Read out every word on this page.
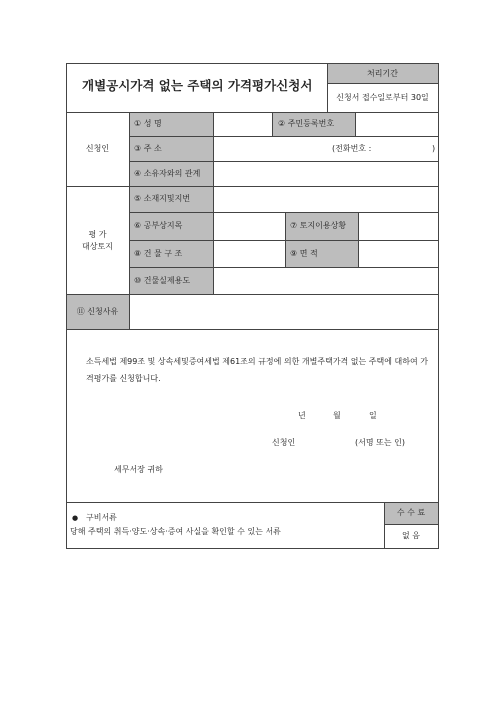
개별공시가격 없는 주택의 가격평가신청서
처리기간
신청서 접수일로부터 30일
신청인
① 성 명	② 주민등록번호
③ 주 소	(전화번호 :	)
④ 소유자와의 관계
평 가
대상토지
⑤ 소재지및지번
⑥ 공부상지목	⑦ 토지이용상황
⑧ 건 물 구 조	⑨ 면 적
⑩ 건물실제용도
⑪ 신청사유
소득세법 제99조 및 상속세및증여세법 제61조의 규정에 의한 개별주택가격 없는 주택에 대하여 가격평가를 신청합니다.
년	월	일
신청인	(서명 또는 인)
세무서장 귀하
● 구비서류
당해 주택의 취득·양도·상속·증여 사실을 확인할 수 있는 서류
수 수 료
없 음
